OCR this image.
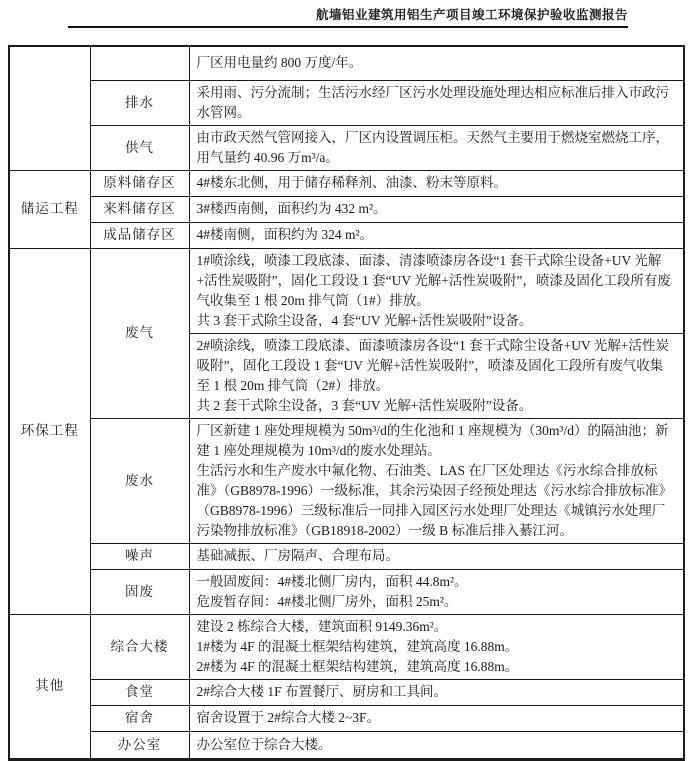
航墙铝业建筑用铝生产项目竣工环境保护验收监测报告

		厂区用电量约 800 万度/年。

	排水	采用雨、污分流制；生活污水经厂区污水处理设施处理达相应标准后排入市政污水管网。

	供气	由市政天然气管网接入，厂区内设置调压柜。天然气主要用于燃烧室燃烧工序，用气量约 40.96 万m³/a。

储运工程	原料储存区	4#楼东北侧，用于储存稀释剂、油漆、粉末等原料。

	来料储存区	3#楼西南侧，面积约为 432 m²。

	成品储存区	4#楼南侧，面积约为 324 m²。

环保工程	废气	1#喷涂线，喷漆工段底漆、面漆、清漆喷漆房各设“1 套干式除尘设备+UV 光解+活性炭吸附”，固化工段设 1 套“UV 光解+活性炭吸附”，喷漆及固化工段所有废气收集至 1 根 20m 排气筒（1#）排放。

共 3 套干式除尘设备，4 套“UV 光解+活性炭吸附”设备。

		2#喷涂线，喷漆工段底漆、面漆喷漆房各设“1 套干式除尘设备+UV 光解+活性炭吸附”，固化工段设 1 套“UV 光解+活性炭吸附”，喷漆及固化工段所有废气收集至 1 根 20m 排气筒（2#）排放。

共 2 套干式除尘设备，3 套“UV 光解+活性炭吸附”设备。

	废水	厂区新建 1 座处理规模为 50m³/d的生化池和 1 座规模为（30m³/d）的隔油池；新建 1 座处理规模为 10m³/d的废水处理站。

生活污水和生产废水中氟化物、石油类、LAS 在厂区处理达《污水综合排放标准》（GB8978-1996）一级标准，其余污染因子经预处理达《污水综合排放标准》（GB8978-1996）三级标准后一同排入园区污水处理厂处理达《城镇污水处理厂污染物排放标准》（GB18918-2002）一级 B 标准后排入綦江河。

	噪声	基础减振、厂房隔声、合理布局。

	固废	一般固废间：4#楼北侧厂房内，面积 44.8m²。

危废暂存间：4#楼北侧厂房外，面积 25m²。

其他	综合大楼	建设 2 栋综合大楼，建筑面积 9149.36m²。

1#楼为 4F 的混凝土框架结构建筑，建筑高度 16.88m。

2#楼为 4F 的混凝土框架结构建筑，建筑高度 16.88m。

	食堂	2#综合大楼 1F 布置餐厅、厨房和工具间。

	宿舍	宿舍设置于 2#综合大楼 2~3F。

	办公室	办公室位于综合大楼。
